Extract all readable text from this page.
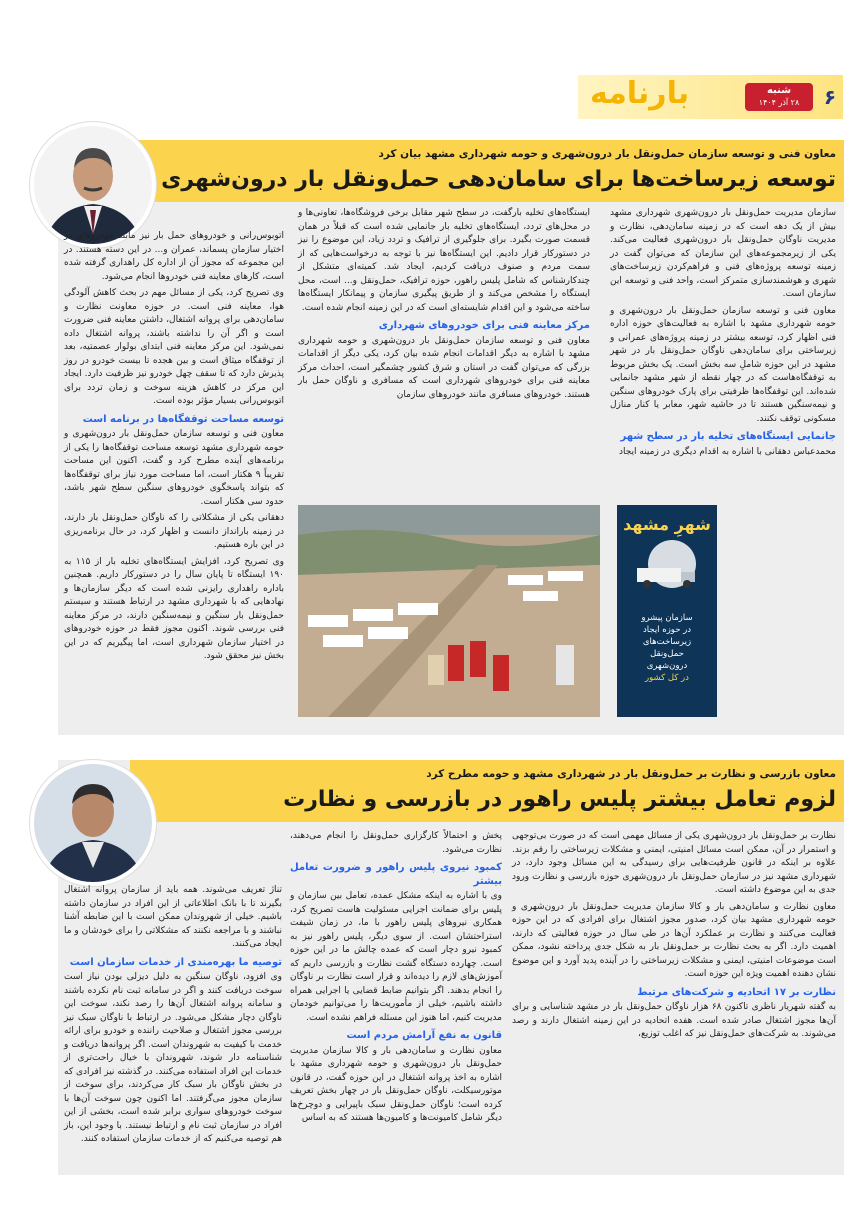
بارنامه	شنبه
۲۸ آذر ۱۴۰۴	۶
معاون فنی و توسعه سازمان حمل‌ونقل بار درون‌شهری و حومه شهرداری مشهد بیان کرد
توسعه زیرساخت‌ها برای سامان‌دهی حمل‌ونقل بار درون‌شهری

سازمان مدیریت حمل‌ونقل بار درون‌شهری شهرداری مشهد بیش از یک دهه است که در زمینه سامان‌دهی، نظارت و مدیریت ناوگان حمل‌ونقل بار درون‌شهری فعالیت می‌کند. یکی از زیرمجموعه‌های این سازمان که می‌توان گفت در زمینه توسعه پروژه‌های فنی و فراهم‌کردن زیرساخت‌های شهری و هوشمندسازی متمرکز است، واحد فنی و توسعه این سازمان است.

معاون فنی و توسعه سازمان حمل‌ونقل بار درون‌شهری و حومه شهرداری مشهد با اشاره به فعالیت‌های حوزه اداره فنی اظهار کرد، توسعه بیشتر در زمینه پروژه‌های عمرانی و زیرساختی برای سامان‌دهی ناوگان حمل‌ونقل بار در شهر مشهد در این حوزه شاملِ سه بخش است. یک بخش مربوط به توقفگاه‌هاست که در چهار نقطه از شهر مشهد جانمایی شده‌اند. این توقفگاه‌ها ظرفیتی برای پارک خودروهای سنگین و نیمه‌سنگین هستند تا در حاشیه شهر، معابر یا کنار منازل مسکونی توقف نکنند.

جانمایی ایستگاه‌های تخلیه بار در سطح شهر

محمدعباس دهقانی با اشاره به اقدام دیگری در زمینه ایجاد

ایستگاه‌های تخلیه بارگفت، در سطح شهر مقابل برخی فروشگاه‌ها، تعاونی‌ها و در محل‌های تردد، ایستگاه‌های تخلیه بار جانمایی شده است که قبلاً در همان قسمت صورت بگیرد. برای جلوگیری از ترافیک و تردد زیاد، این موضوع را نیز در دستورکار قرار دادیم. این ایستگاه‌ها نیز با توجه به درخواست‌هایی که از سمت مردم و صنوف دریافت کردیم، ایجاد شد. کمیته‌ای متشکل از چندکارشناس که شامل پلیس راهور، حوزه ترافیک، حمل‌ونقل و... است، محل ایستگاه را مشخص می‌کند و از طریق پیگیری سازمان و پیمانکار ایستگاه‌ها ساخته می‌شود و این اقدام شایسته‌ای است که در این زمینه انجام شده است.

مرکز معاینه فنی برای خودروهای شهرداری

معاون فنی و توسعه سازمان حمل‌ونقل بار درون‌شهری و حومه شهرداری مشهد با اشاره به دیگر اقدامات انجام شده بیان کرد، یکی دیگر از اقدامات بزرگی که می‌توان گفت در استان و شرق کشور چشمگیر است، احداث مرکز معاینه فنی برای خودروهای شهرداری است که مسافری و ناوگان حمل بار هستند. خودروهای مسافری مانند خودروهای سازمان

اتوبوس‌رانی و خودروهای حمل بار نیز مانند خودروهای در اختیار سازمان پسماند، عمران و... در این دسته هستند. در این مجموعه که مجوز آن از اداره کل راهداری گرفته شده است، کارهای معاینه فنی خودروها انجام می‌شود.

وی تصریح کرد، یکی از مسائل مهم در بحث کاهش آلودگی هوا، معاینه فنی است. در حوزه معاونت نظارت و سامان‌دهی برای پروانه اشتغال، داشتن معاینه فنی ضرورت است و اگر آن را نداشته باشند، پروانه اشتغال داده نمی‌شود. این مرکز معاینه فنی ابتدای بولوار عصمتیه، بعد از توقفگاه میثاق است و بین هجده تا بیست خودرو در روز پذیرش دارد که تا سقف چهل خودرو نیز ظرفیت دارد. ایجاد این مرکز در کاهش هزینه سوخت و زمان تردد برای اتوبوس‌رانی بسیار مؤثر بوده است.

توسعه مساحت توقفگاه‌ها در برنامه است

معاون فنی و توسعه سازمان حمل‌ونقل بار درون‌شهری و حومه شهرداری مشهد توسعه مساحت توقفگاه‌ها را یکی از برنامه‌های آینده مطرح کرد و گفت، اکنون این مساحت تقریباً ۹ هکتار است، اما مساحت مورد نیاز برای توقفگاه‌ها که بتواند پاسخگوی خودروهای سنگین سطح شهر باشد، حدود سی هکتار است.

دهقانی یکی از مشکلاتی را که ناوگان حمل‌ونقل بار دارند، در زمینه بارانداز دانست و اظهار کرد، در حال برنامه‌ریزی در این باره هستیم.

وی تصریح کرد، افزایش ایستگاه‌های تخلیه بار از ۱۱۵ به ۱۹۰ ایستگاه تا پایان سال را در دستورکار داریم. همچنین باداره راهداری رایزنی شده است که دیگر سازمان‌ها و نهادهایی که با شهرداری مشهد در ارتباط هستند و سیستم حمل‌ونقل بار سنگین و نیمه‌سنگین دارند، در مرکز معاینه فنی بررسی شوند. اکنون مجوز فقط در حوزه خودروهای در اختیار سازمان شهرداری است، اما پیگیریم که در این بخش نیز محقق شود.

شهرِ مشهد
سازمان پیشرو
در حوزه ایجاد
زیرساخت‌های
حمل‌ونقل
درون‌شهری
در کل کشور
معاون بازرسی و نظارت بر حمل‌ونقل بار در شهرداری مشهد و حومه مطرح کرد
لزوم تعامل بیشتر پلیس راهور در بازرسی و نظارت

نظارت بر حمل‌ونقل بار درون‌شهری یکی از مسائل مهمی است که در صورت بی‌توجهی و استمرار در آن، ممکن است مسائل امنیتی، ایمنی و مشکلات زیرساختی را رقم بزند. علاوه بر اینکه در قانون ظرفیت‌هایی برای رسیدگی به این مسائل وجود دارد، در شهرداری مشهد نیز در سازمان حمل‌ونقل بار درون‌شهری حوزه بازرسی و نظارت ورود جدی به این موضوع داشته است.

معاون نظارت و سامان‌دهی بار و کالا سازمان مدیریت حمل‌ونقل بار درون‌شهری و حومه شهرداری مشهد بیان کرد، صدور مجوز اشتغال برای افرادی که در این حوزه فعالیت می‌کنند و نظارت بر عملکرد آن‌ها در طی سال در حوزه فعالیتی که دارند، اهمیت دارد. اگر به بحث نظارت بر حمل‌ونقل بار به شکل جدی پرداخته نشود، ممکن است موضوعات امنیتی، ایمنی و مشکلات زیرساختی را در آینده پدید آورد و این موضوع نشان دهنده اهمیت ویژه این حوزه است.

نظارت بر ۱۷ اتحادیه و شرکت‌های مرتبط

به گفته شهریار ناظری تاکنون ۶۸ هزار ناوگان حمل‌ونقل بار در مشهد شناسایی و برای آن‌ها مجوز اشتغال صادر شده است. هفده اتحادیه در این زمینه اشتغال دارند و رصد می‌شوند. به شرکت‌های حمل‌ونقل نیز که اغلب توزیع،

پخش و احتمالاً کارگزاری حمل‌ونقل را انجام می‌دهند، نظارت می‌شود.

کمبود نیروی پلیس راهور و ضرورت تعامل بیشتر

وی با اشاره به اینکه مشکل عمده، تعامل بین سازمان و پلیس برای ضمانت اجرایی مسئولیت هاست تصریح کرد، همکاری نیروهای پلیس راهور با ما، در زمان شیفت استراحتشان است. از سوی دیگر، پلیس راهور نیز به کمبود نیرو دچار است که عمده چالش ما در این حوزه است. چهارده دستگاه گشت نظارت و بازرسی داریم که آموزش‌های لازم را دیده‌اند و قرار است نظارت بر ناوگان را انجام بدهند. اگر بتوانیم ضابط قضایی یا اجرایی همراه داشته باشیم، خیلی از مأموریت‌ها را می‌توانیم خودمان مدیریت کنیم، اما هنوز این مسئله فراهم نشده است.

قانون به نفع آرامش مردم است

معاون نظارت و سامان‌دهی بار و کالا سازمان مدیریت حمل‌ونقل بار درون‌شهری و حومه شهرداری مشهد با اشاره به اخذ پروانه اشتغال در این حوزه گفت، در قانون موتورسیکلت، ناوگان حمل‌ونقل بار در چهار بخش تعریف کرده است؛ ناوگان حمل‌ونقل سبک باپیرایی و دوچرخ‌ها دیگر شامل کامیونت‌ها و کامیون‌ها هستند که به اساس

تناژ تعریف می‌شوند. همه باید از سازمان پروانه اشتغال بگیرند تا با بانک اطلاعاتی از این افراد در سازمان داشته باشیم. خیلی از شهروندان ممکن است با این ضابطه آشنا نباشند و با مراجعه نکنند که مشکلاتی را برای خودشان و ما ایجاد می‌کنند.

توصیه ما بهره‌مندی از خدمات سازمان است

وی افزود، ناوگان سنگین به دلیل دیزلی بودن نیاز است سوخت دریافت کنند و اگر در سامانه ثبت نام نکرده باشند و سامانه پروانه اشتغال آن‌ها را رصد نکند، سوخت این ناوگان دچار مشکل می‌شود. در ارتباط با ناوگان سبک نیز بررسی مجوز اشتغال و صلاحیت راننده و خودرو برای ارائه خدمت با کیفیت به شهروندان است. اگر پروانه‌ها دریافت و شناسنامه دار شوند، شهروندان با خیال راحت‌تری از خدمات این افراد استفاده می‌کنند. در گذشته نیز افرادی که در بخش ناوگان بار سبک کار می‌کردند، برای سوخت از سازمان مجوز می‌گرفتند. اما اکنون چون سوخت آن‌ها با سوخت خودروهای سواری برابر شده است، بخشی از این افراد در سازمان ثبت نام و ارتباط نیستند. با وجود این، باز هم توصیه می‌کنیم که از خدمات سازمان استفاده کنند.
